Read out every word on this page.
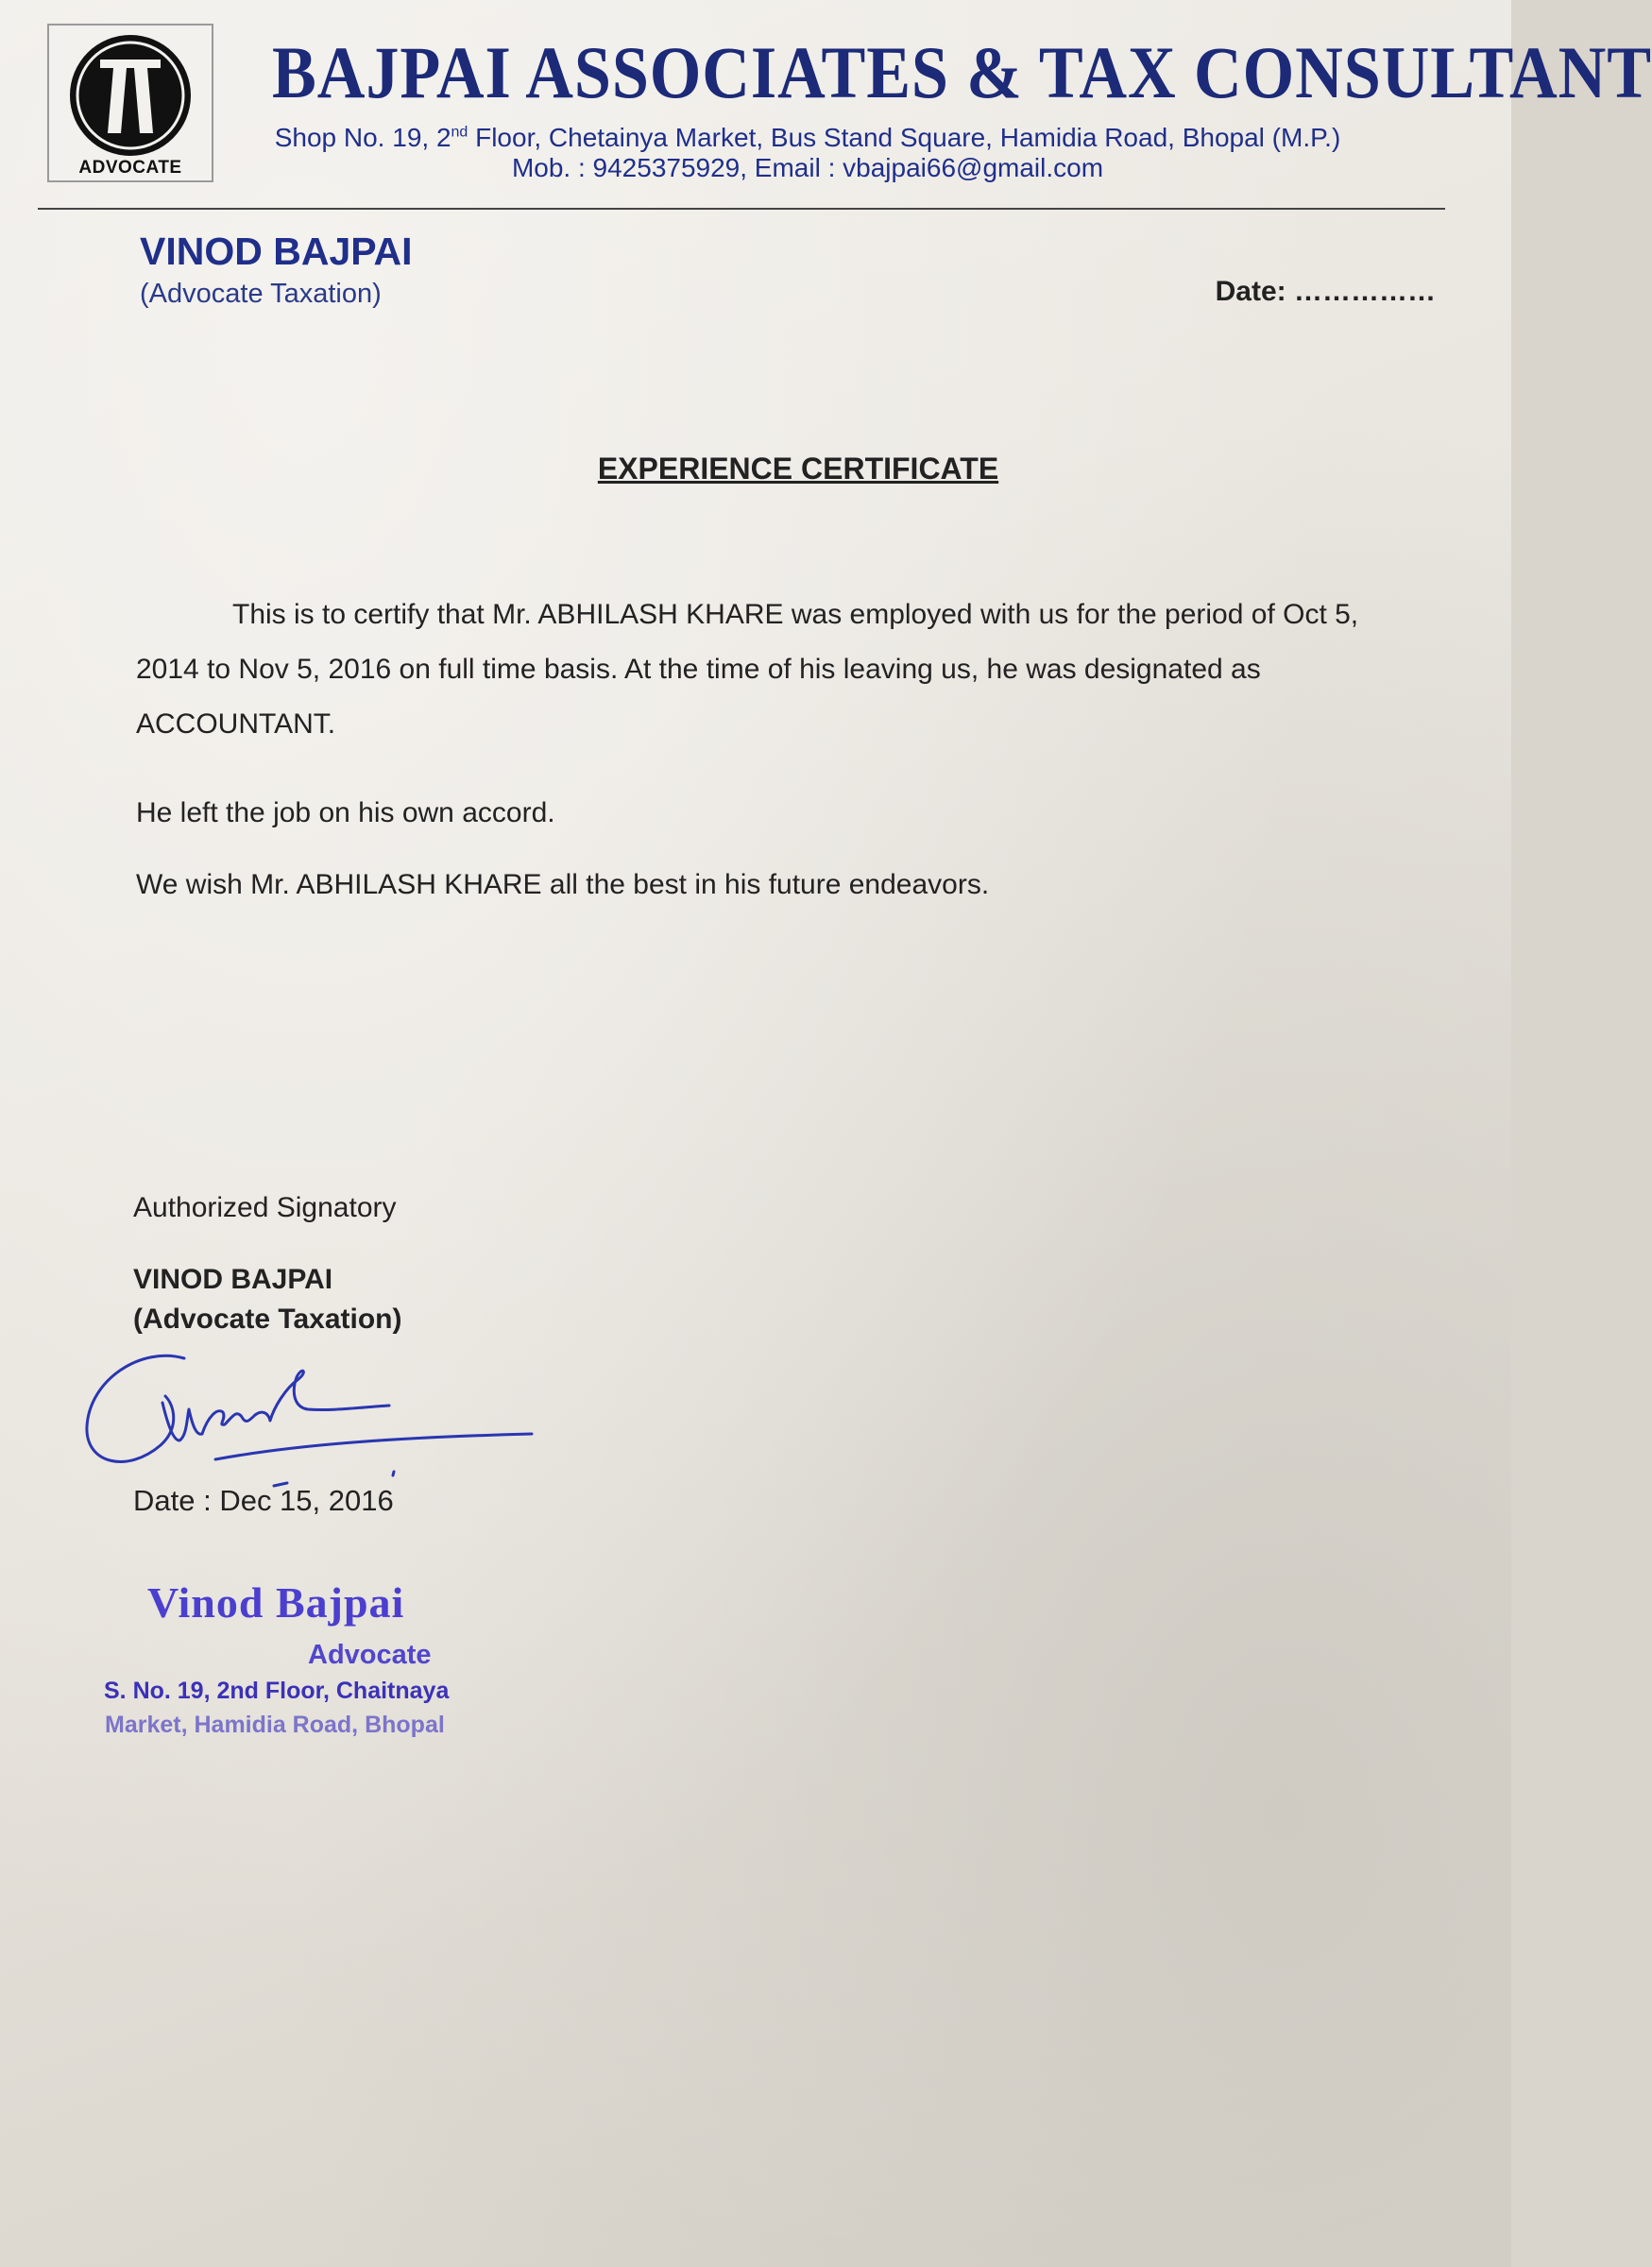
ADVOCATE
BAJPAI ASSOCIATES & TAX CONSULTANT
Shop No. 19, 2nd Floor, Chetainya Market, Bus Stand Square, Hamidia Road, Bhopal (M.P.)
Mob. : 9425375929, Email : vbajpai66@gmail.com
VINOD BAJPAI
(Advocate Taxation)	Date: ……………
EXPERIENCE CERTIFICATE
This is to certify that Mr. ABHILASH KHARE was employed with us for the period of Oct 5, 2014 to Nov 5, 2016 on full time basis. At the time of his leaving us, he was designated as ACCOUNTANT.
He left the job on his own accord.
We wish Mr. ABHILASH KHARE all the best in his future endeavors.
Authorized Signatory
VINOD BAJPAI
(Advocate Taxation)
Date : Dec 15, 2016
Vinod Bajpai
Advocate
S. No. 19, 2nd Floor, Chaitnaya
Market, Hamidia Road, Bhopal
